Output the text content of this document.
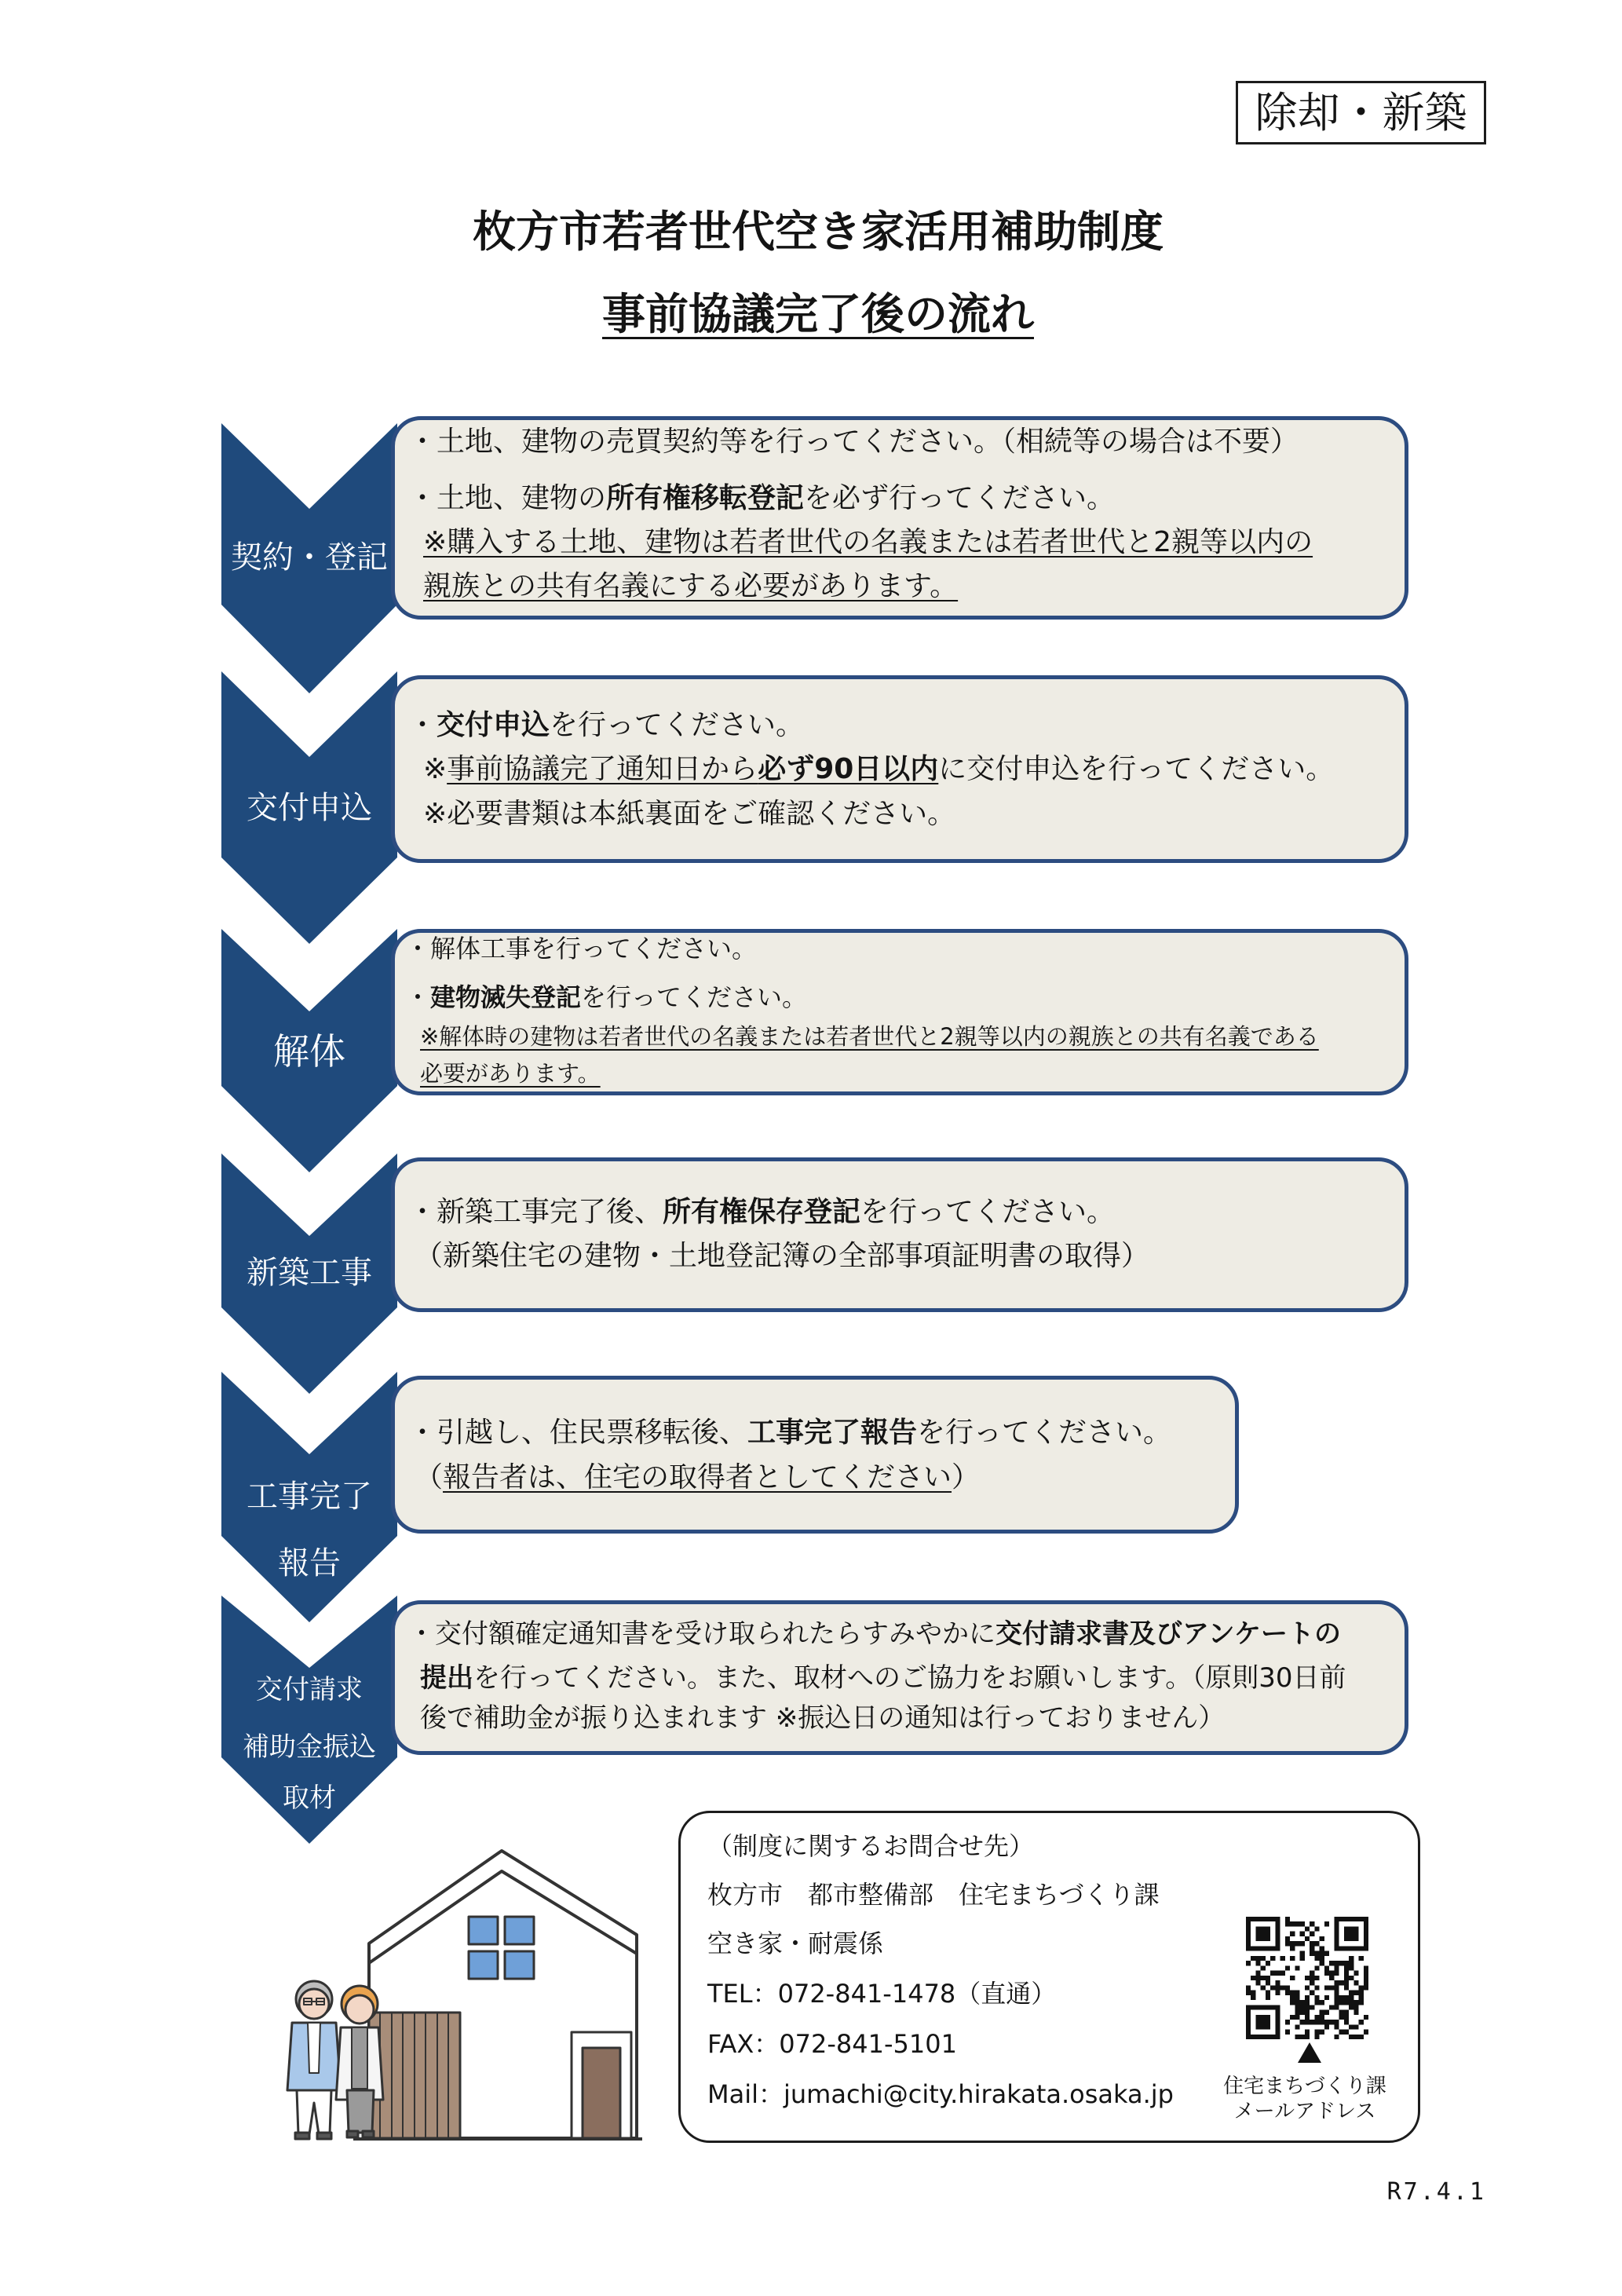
除却・新築
枚方市若者世代空き家活用補助制度
事前協議完了後の流れ
契約・登記
・土地、建物の売買契約等を行ってください。（相続等の場合は不要）
・土地、建物の所有権移転登記を必ず行ってください。
※購入する土地、建物は若者世代の名義または若者世代と2親等以内の
親族との共有名義にする必要があります。
交付申込
・交付申込を行ってください。
※事前協議完了通知日から必ず90日以内に交付申込を行ってください。
※必要書類は本紙裏面をご確認ください。
解体
・解体工事を行ってください。
・建物滅失登記を行ってください。
※解体時の建物は若者世代の名義または若者世代と2親等以内の親族との共有名義である
必要があります。
新築工事
・新築工事完了後、所有権保存登記を行ってください。
（新築住宅の建物・土地登記簿の全部事項証明書の取得）
工事完了
報告
・引越し、住民票移転後、工事完了報告を行ってください。
（報告者は、住宅の取得者としてください）
交付請求
補助金振込
取材
・交付額確定通知書を受け取られたらすみやかに交付請求書及びアンケートの
提出を行ってください。また、取材へのご協力をお願いします。（原則30日前
後で補助金が振り込まれます ※振込日の通知は行っておりません）
（制度に関するお問合せ先）
枚方市　都市整備部　住宅まちづくり課
空き家・耐震係
TEL：072-841-1478（直通）
FAX：072-841-5101
Mail：jumachi@city.hirakata.osaka.jp	住宅まちづくり課
メールアドレス
R7.4.1
